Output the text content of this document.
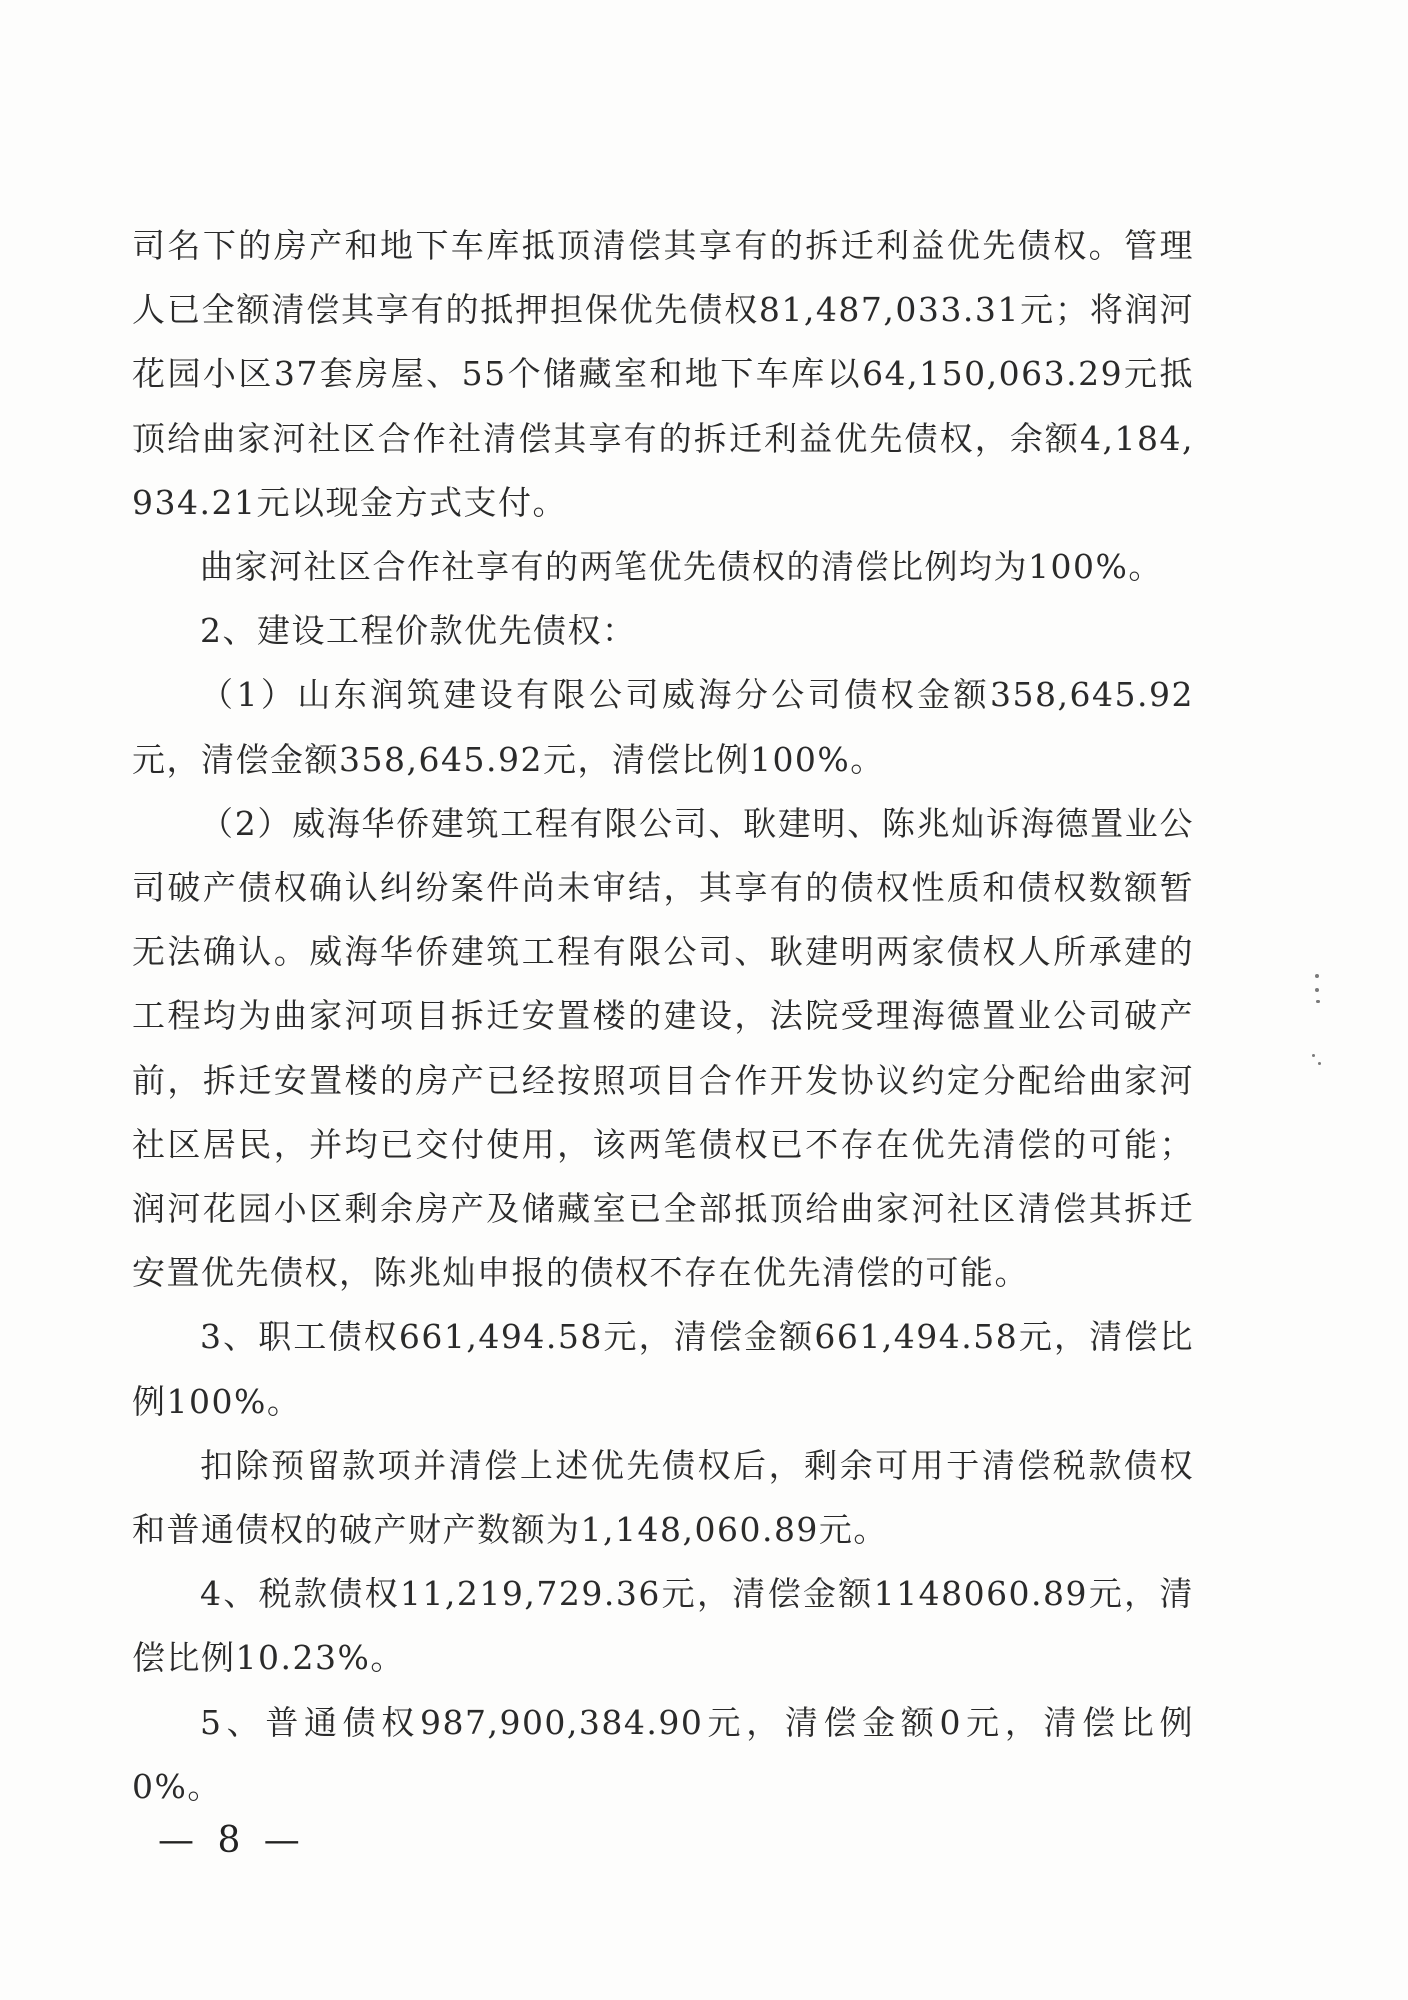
司名下的房产和地下车库抵顶清偿其享有的拆迁利益优先债权。管理人已全额清偿其享有的抵押担保优先债权81,487,033.31元；将润河花园小区37套房屋、55个储藏室和地下车库以64,150,063.29元抵顶给曲家河社区合作社清偿其享有的拆迁利益优先债权，余额4,184,934.21元以现金方式支付。

曲家河社区合作社享有的两笔优先债权的清偿比例均为100%。

2、建设工程价款优先债权：

（1）山东润筑建设有限公司威海分公司债权金额358,645.92元，清偿金额358,645.92元，清偿比例100%。

（2）威海华侨建筑工程有限公司、耿建明、陈兆灿诉海德置业公司破产债权确认纠纷案件尚未审结，其享有的债权性质和债权数额暂无法确认。威海华侨建筑工程有限公司、耿建明两家债权人所承建的工程均为曲家河项目拆迁安置楼的建设，法院受理海德置业公司破产前，拆迁安置楼的房产已经按照项目合作开发协议约定分配给曲家河社区居民，并均已交付使用，该两笔债权已不存在优先清偿的可能；润河花园小区剩余房产及储藏室已全部抵顶给曲家河社区清偿其拆迁安置优先债权，陈兆灿申报的债权不存在优先清偿的可能。

3、职工债权661,494.58元，清偿金额661,494.58元，清偿比例100%。

扣除预留款项并清偿上述优先债权后，剩余可用于清偿税款债权和普通债权的破产财产数额为1,148,060.89元。

4、税款债权11,219,729.36元，清偿金额1148060.89元，清偿比例10.23%。

5、普通债权987,900,384.90元，清偿金额0元，清偿比例0%。

— 8 —
